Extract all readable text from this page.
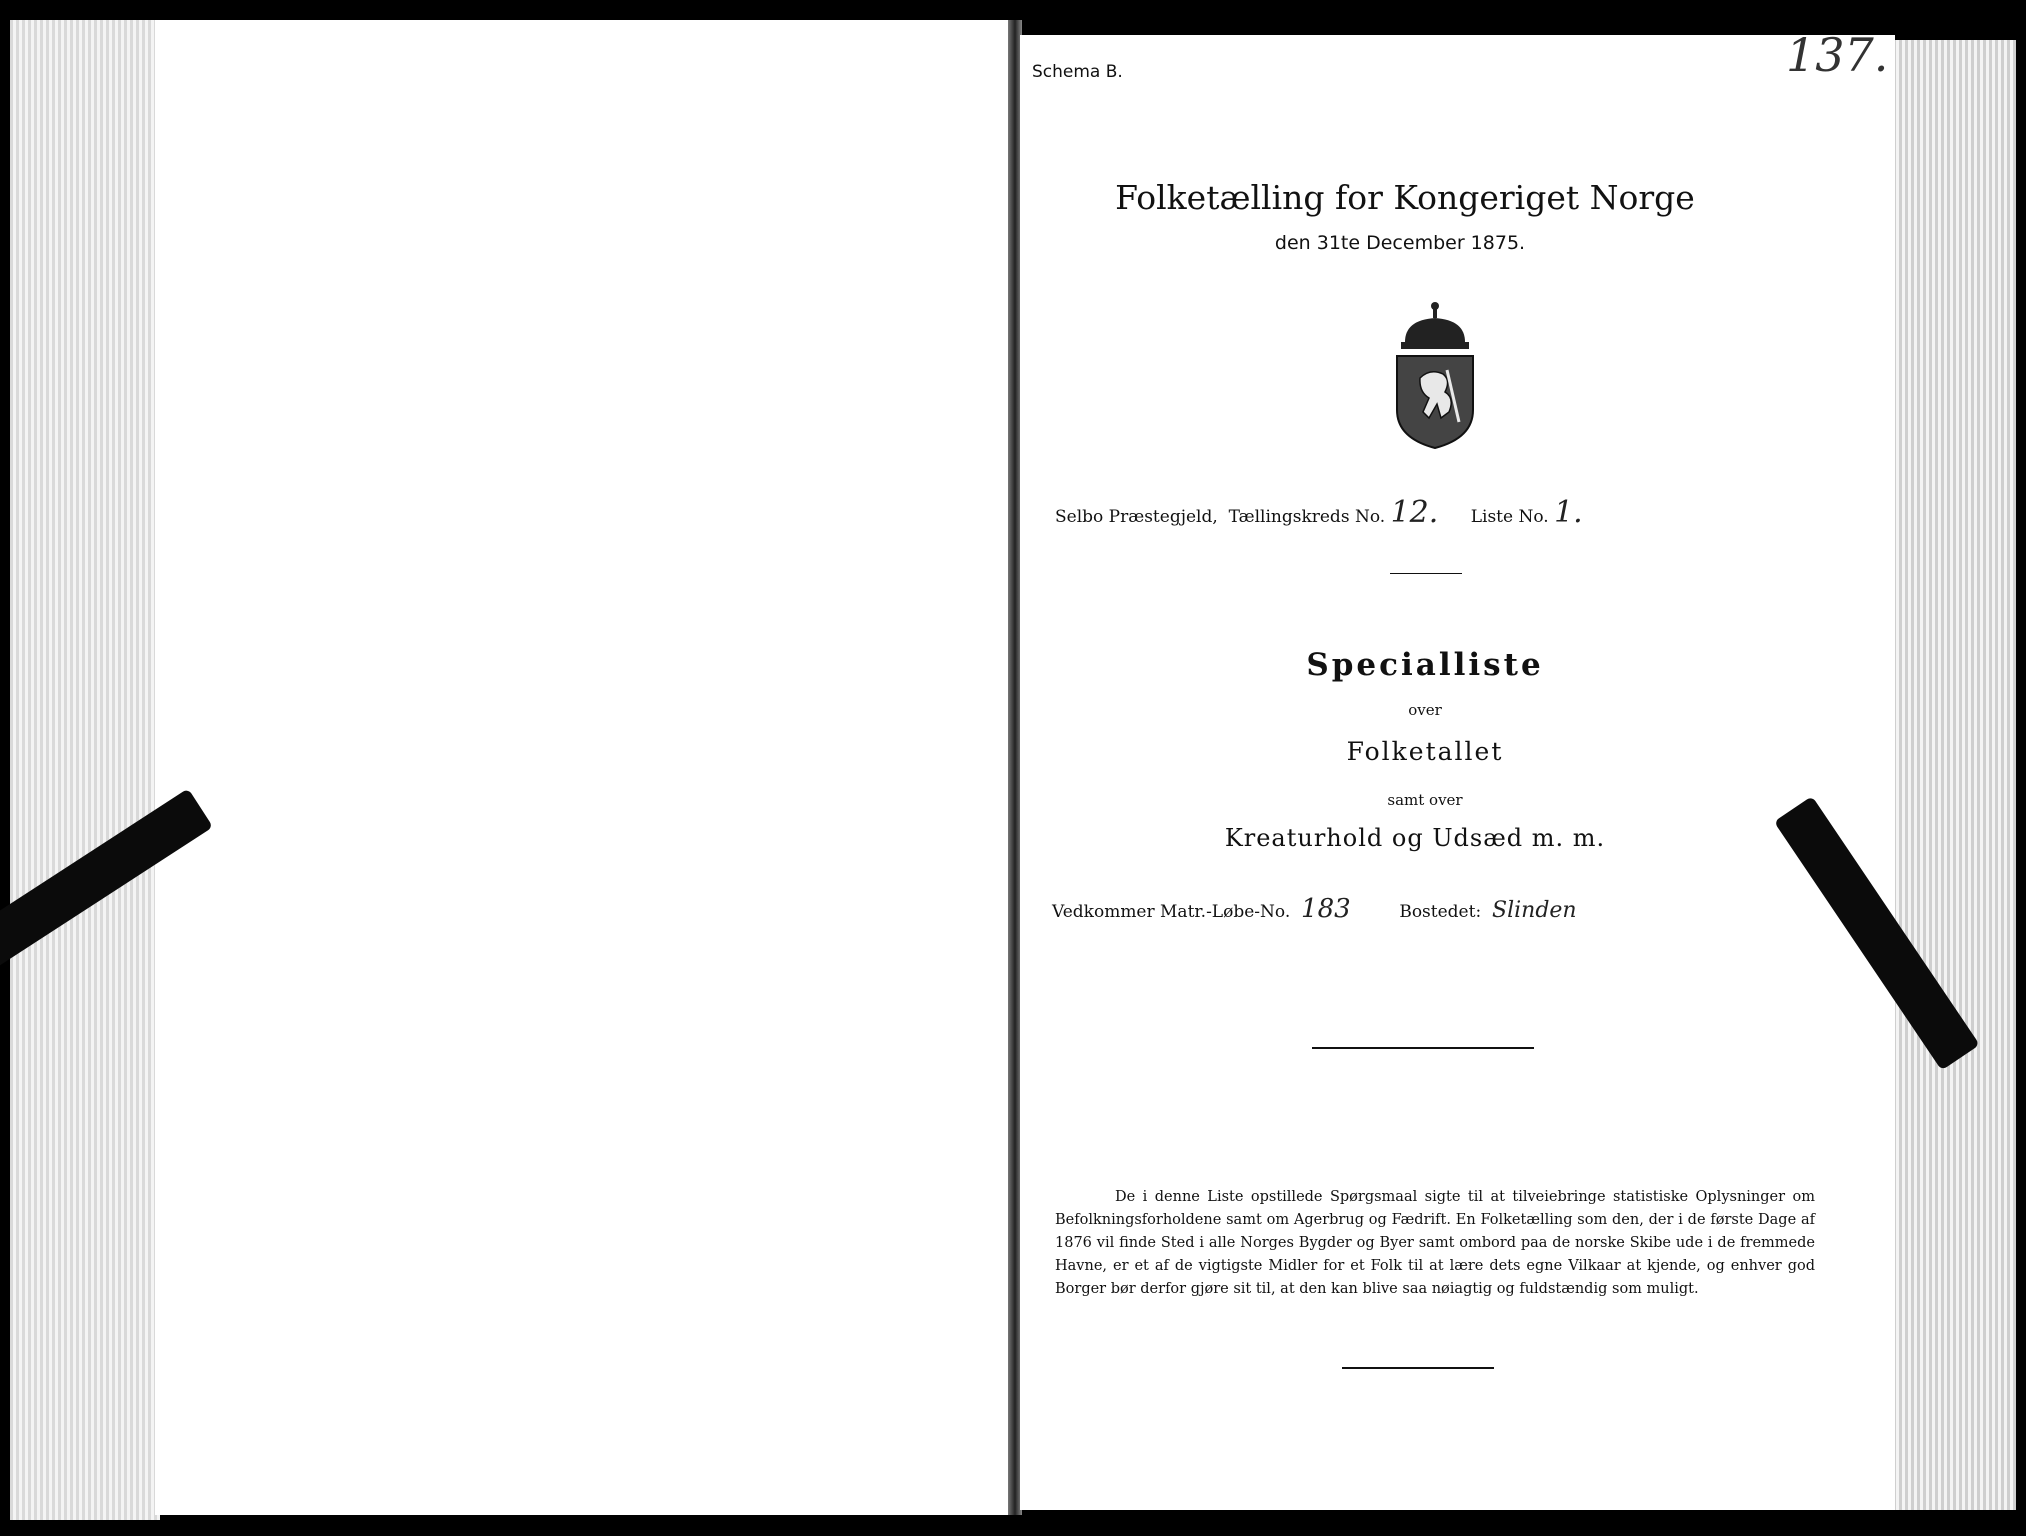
Schema B.	137.
Folketælling for Kongeriget Norge
den 31te December 1875.
Selbo Præstegjeld, Tællingskreds No. 12. Liste No. 1.
Specialliste
over
Folketallet
samt over
Kreaturhold og Udsæd m. m.
Vedkommer Matr.-Løbe-No. 183	Bostedet: Slinden
De i denne Liste opstillede Spørgsmaal sigte til at tilveiebringe statistiske Oplysninger om Befolkningsforholdene samt om Agerbrug og Fædrift. En Folketælling som den, der i de første Dage af 1876 vil finde Sted i alle Norges Bygder og Byer samt ombord paa de norske Skibe ude i de fremmede Havne, er et af de vigtigste Midler for et Folk til at lære dets egne Vilkaar at kjende, og enhver god Borger bør derfor gjøre sit til, at den kan blive saa nøiagtig og fuldstændig som muligt.
